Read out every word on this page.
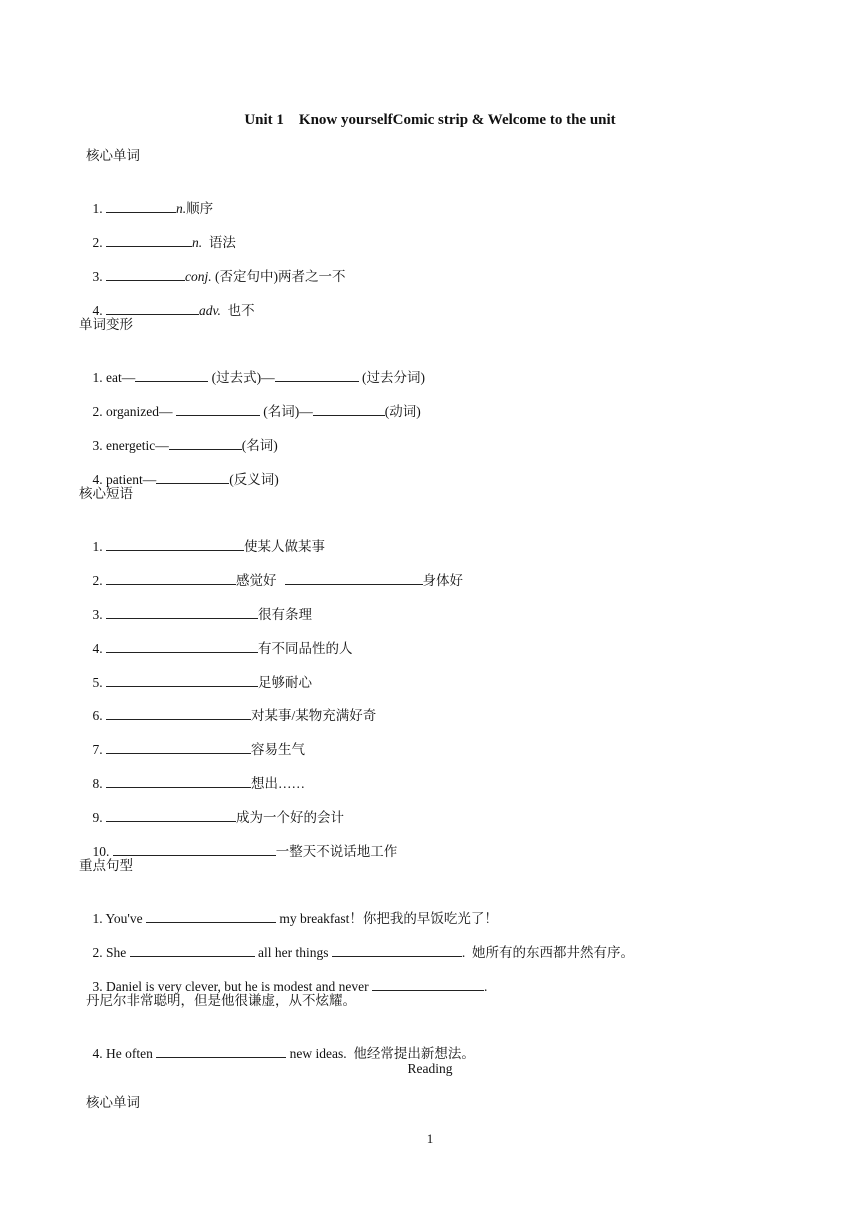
Unit 1    Know yourselfComic strip & Welcome to the unit
核心单词

1.	n.顺序

2.	n.  语法

3.	conj. (否定句中)两者之一不

4.	adv.  也不

单词变形

1. eat—	(过去式)—	(过去分词)

2. organized—	(名词)—	(动词)

3. energetic—	(名词)

4. patient—	(反义词)

核心短语

1.	使某人做某事

2.	感觉好	身体好

3.	很有条理

4.	有不同品性的人

5.	足够耐心

6.	对某事/某物充满好奇

7.	容易生气

8.	想出……

9.	成为一个好的会计

10.	一整天不说话地工作

重点句型

1. You've	my breakfast！你把我的早饭吃光了！

2. She	all her things	.  她所有的东西都井然有序。

3. Daniel is very clever, but he is modest and never	.

丹尼尔非常聪明，但是他很谦虚，从不炫耀。

4. He often	new ideas.  他经常提出新想法。

Reading
核心单词
1
